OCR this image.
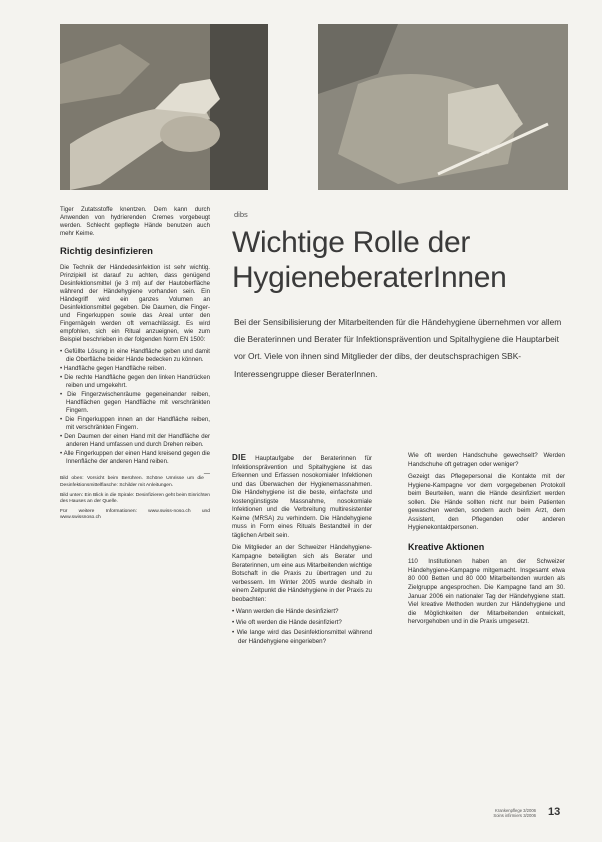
Tiger Zutatsstoffe knentzen. Dem kann durch Anwenden von hydrierenden Cremes vorgebeugt werden. Schlecht gepflegte Hände benutzen auch mehr Keime.

Richtig desinfizieren

Die Technik der Händedesinfektion ist sehr wichtig. Prinzipiell ist darauf zu achten, dass genügend Desinfektionsmittel (je 3 ml) auf der Hautoberfläche während der Händehygiene vorhanden sein. Ein Händegriff wird ein ganzes Volumen an Desinfektionsmittel gegeben. Die Daumen, die Finger- und Fingerkuppen sowie das Areal unter den Fingernägeln werden oft vernachlässigt. Es wird empfohlen, sich ein Ritual anzueignen, wie zum Beispiel beschrieben in der folgenden Norm EN 1500:

• Gefüllte Lösung in eine Handfläche geben und damit die Oberfläche beider Hände bedecken zu können.
• Handfläche gegen Handfläche reiben.
• Die rechte Handfläche gegen den linken Handrücken reiben und umgekehrt.
• Die Fingerzwischenräume gegeneinander reiben, Handflächen gegen Handfläche mit verschränkten Fingern.
• Die Fingerkuppen innen an der Handfläche reiben, mit verschränkten Fingern.
• Den Daumen der einen Hand mit der Handfläche der anderen Hand umfassen und durch Drehen reiben.
• Alle Fingerkuppen der einen Hand kreisend gegen die Innenfläche der anderen Hand reiben.
—

Bild oben: Vorsicht beim Berühren. Schöne Umrisse um die Desinfektionsmittelflasche: Schilder mit Anleitungen.

Bild unten: Ein Blick in die Spirale: Desinfizieren geht beim Einrichten des Hauses an der Quelle.

Für weitere Informationen: www.swiss-noso.ch und www.swissnoso.ch

dibs
Wichtige Rolle der
HygieneberaterInnen

Bei der Sensibilisierung der Mitarbeitenden für die Händehygiene übernehmen vor allem die Beraterinnen und Berater für Infektionsprävention und Spitalhygiene die Hauptarbeit vor Ort. Viele von ihnen sind Mitglieder der dibs, der deutschsprachigen SBK-Interessengruppe dieser BeraterInnen.

DIE Hauptaufgabe der Beraterinnen für Infektionsprävention und Spitalhygiene ist das Erkennen und Erfassen nosokomialer Infektionen und das Überwachen der Hygienemassnahmen. Die Händehygiene ist die beste, einfachste und kostengünstigste Massnahme, nosokomiale Infektionen und die Verbreitung multiresistenter Keime (MRSA) zu verhindern. Die Händehygiene muss in Form eines Rituals Bestandteil in der täglichen Arbeit sein.

Die Mitglieder an der Schweizer Händehygiene-Kampagne beteiligten sich als Berater und Beraterinnen, um eine aus Mitarbeitenden wichtige Botschaft in die Praxis zu übertragen und zu verbessern. Im Winter 2005 wurde deshalb in einem Zeitpunkt die Händehygiene in der Praxis zu beobachten:

• Wann werden die Hände desinfiziert?
• Wie oft werden die Hände desinfiziert?
• Wie lange wird das Desinfektionsmittel während der Händehygiene eingerieben?

Wie oft werden Handschuhe gewechselt? Werden Handschuhe oft getragen oder weniger?

Gezeigt das Pflegepersonal die Kontakte mit der Hygiene-Kampagne vor dem vorgegebenen Protokoll beim Beurteilen, wann die Hände desinfiziert werden sollen. Die Hände sollten nicht nur beim Patienten gewaschen werden, sondern auch beim Arzt, dem Assistent, den Pflegenden oder anderen Hygienekontaktpersonen.

Kreative Aktionen

110 Institutionen haben an der Schweizer Händehygiene-Kampagne mitgemacht. Insgesamt etwa 80 000 Betten und 80 000 Mitarbeitenden wurden als Zielgruppe angesprochen. Die Kampagne fand am 30. Januar 2006 ein nationaler Tag der Händehygiene statt. Viel kreative Methoden wurden zur Händehygiene und die Möglichkeiten der Mitarbeitenden entwickelt, hervorgehoben und in die Praxis umgesetzt.

Krankenpflege 3/2006
Soins infirmiers 3/2006 13
